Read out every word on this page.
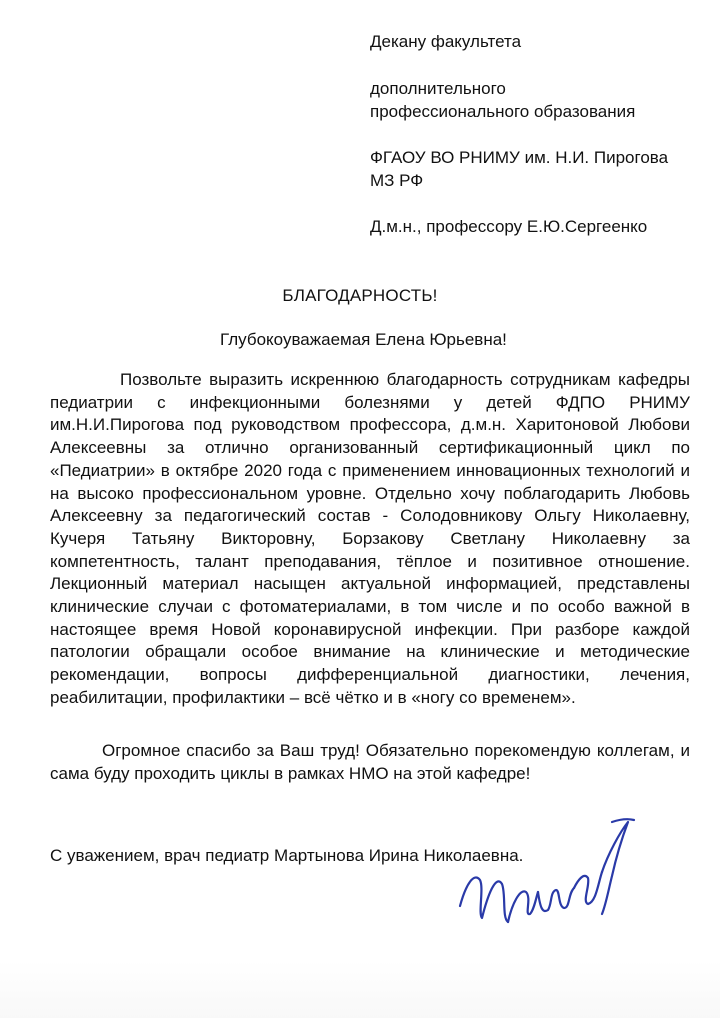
Декану факультета

дополнительного

профессионального образования

ФГАОУ ВО РНИМУ им. Н.И. Пирогова

МЗ РФ

Д.м.н., профессору Е.Ю.Сергеенко

БЛАГОДАРНОСТЬ!

Глубокоуважаемая Елена Юрьевна!

Позвольте выразить искреннюю благодарность сотрудникам кафедры педиатрии с инфекционными болезнями у детей ФДПО РНИМУ им.Н.И.Пирогова под руководством профессора, д.м.н. Харитоновой Любови Алексеевны за отлично организованный сертификационный цикл по «Педиатрии» в октябре 2020 года с применением инновационных технологий и на высоко профессиональном уровне. Отдельно хочу поблагодарить Любовь Алексеевну за педагогический состав - Солодовникову Ольгу Николаевну, Кучеря Татьяну Викторовну, Борзакову Светлану Николаевну за компетентность, талант преподавания, тёплое и позитивное отношение. Лекционный материал насыщен актуальной информацией, представлены клинические случаи с фотоматериалами, в том числе и по особо важной в настоящее время Новой коронавирусной инфекции. При разборе каждой патологии обращали особое внимание на клинические и методические рекомендации, вопросы дифференциальной диагностики, лечения, реабилитации, профилактики – всё чётко и в «ногу со временем».

Огромное спасибо за Ваш труд! Обязательно порекомендую коллегам, и сама буду проходить циклы в рамках НМО на этой кафедре!

С уважением, врач педиатр Мартынова Ирина Николаевна.
